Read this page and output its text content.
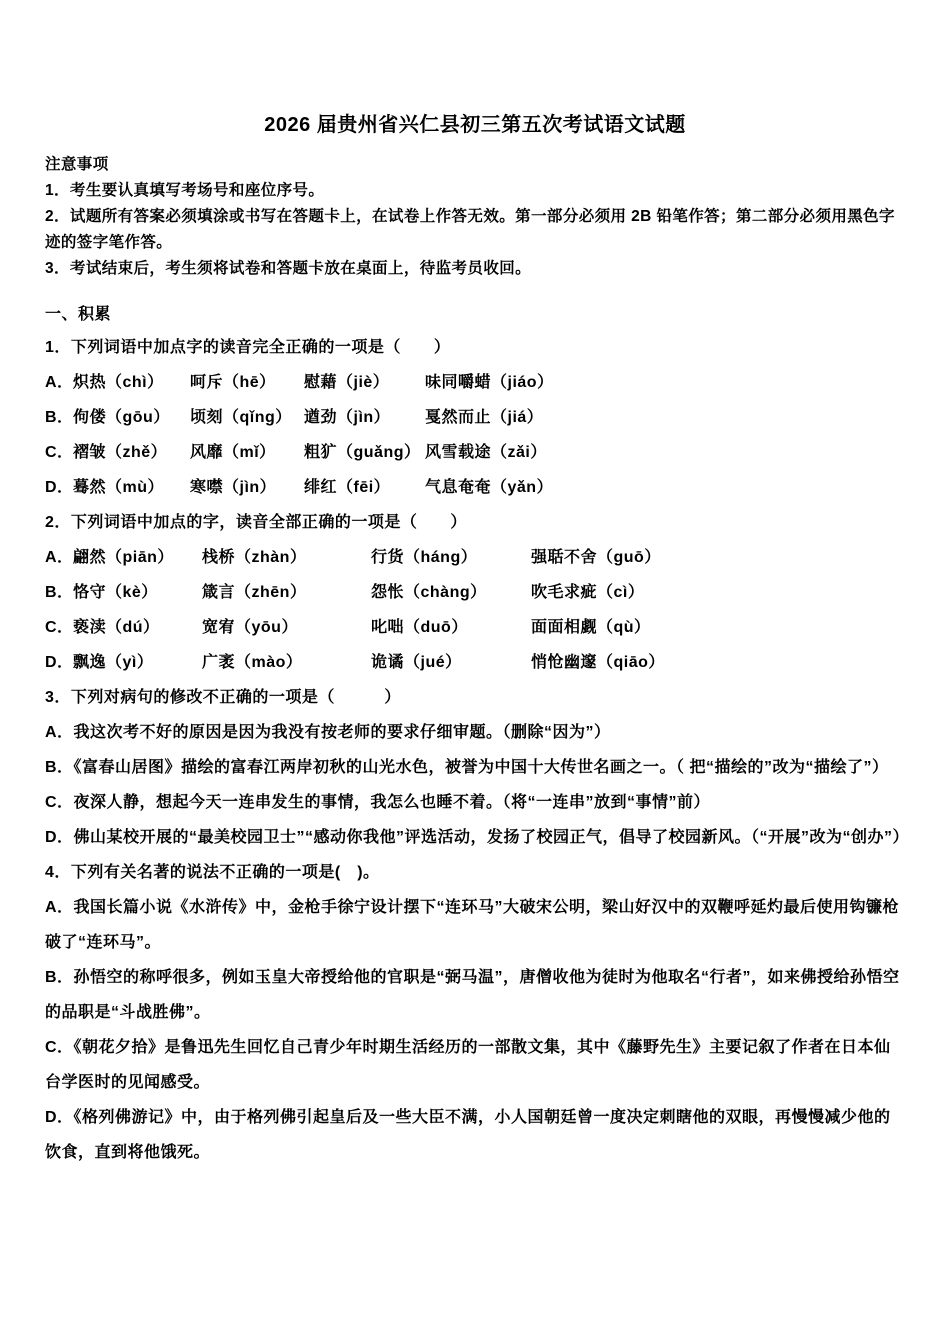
2026 届贵州省兴仁县初三第五次考试语文试题

注意事项

1．考生要认真填写考场号和座位序号。

2．试题所有答案必须填涂或书写在答题卡上，在试卷上作答无效。第一部分必须用 2B 铅笔作答；第二部分必须用黑色字迹的签字笔作答。

3．考试结束后，考生须将试卷和答题卡放在桌面上，待监考员收回。

一、积累

1．下列词语中加点字的读音完全正确的一项是（　　）

A． 炽热（chì）	呵斥（hē）	慰藉（jiè）	味同嚼蜡（jiáo）
B． 佝偻（gōu）	顷刻（qǐng） 遒劲（jìn）	戛然而止（jiá）
C． 褶皱（zhě）	风靡（mǐ）	粗犷（guǎng） 风雪载途（zǎi）
D． 蓦然（mù）	寒噤（jìn）	绯红（fēi）	气息奄奄（yǎn）

2．下列词语中加点的字，读音全部正确的一项是（　　）

A． 翩然（piān）	栈桥（zhàn）	行货（háng）	强聒不舍（guō）
B． 恪守（kè）	箴言（zhēn）	怨怅（chàng）	吹毛求疵（cì）
C． 亵渎（dú）	宽宥（yōu）	叱咄（duō）	面面相觑（qù）
D． 飘逸（yì）	广袤（mào）	诡谲（jué）	悄怆幽邃（qiāo）

3．下列对病句的修改不正确的一项是（　　　）

A．我这次考不好的原因是因为我没有按老师的要求仔细审题。（删除“因为”）

B．《富春山居图》描绘的富春江两岸初秋的山光水色，被誉为中国十大传世名画之一。（ 把“描绘的”改为“描绘了”）

C．夜深人静，想起今天一连串发生的事情，我怎么也睡不着。（将“一连串”放到“事情”前）

D．佛山某校开展的“最美校园卫士”“感动你我他”评选活动，发扬了校园正气，倡导了校园新风。（“开展”改为“创办”）

4．下列有关名著的说法不正确的一项是(　)。

A．我国长篇小说《水浒传》中，金枪手徐宁设计摆下“连环马”大破宋公明，梁山好汉中的双鞭呼延灼最后使用钩镰枪破了“连环马”。

B．孙悟空的称呼很多，例如玉皇大帝授给他的官职是“弼马温”，唐僧收他为徒时为他取名“行者”，如来佛授给孙悟空的品职是“斗战胜佛”。

C．《朝花夕拾》是鲁迅先生回忆自己青少年时期生活经历的一部散文集，其中《藤野先生》主要记叙了作者在日本仙台学医时的见闻感受。

D．《格列佛游记》中，由于格列佛引起皇后及一些大臣不满，小人国朝廷曾一度决定刺瞎他的双眼，再慢慢减少他的饮食，直到将他饿死。
